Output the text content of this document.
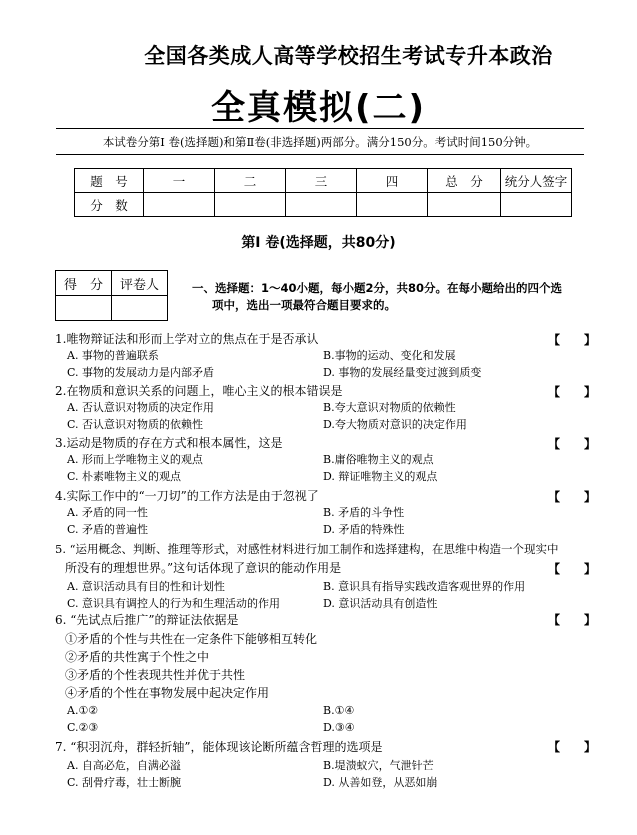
全国各类成人高等学校招生考试专升本政治
全真模拟(二)
本试卷分第Ⅰ 卷(选择题)和第Ⅱ卷(非选择题)两部分。满分150分。考试时间150分钟。
题　号	一	二	三	四	总　分	统分人签字
分　数						
第Ⅰ 卷(选择题，共80分)
得　分	评卷人
		一、选择题：1～40小题，每小题2分，共80分。在每小题给出的四个选
项中，选出一项最符合题目要求的。
1.唯物辩证法和形而上学对立的焦点在于是否承认	【　　】
A. 事物的普遍联系	B.事物的运动、变化和发展
C. 事物的发展动力是内部矛盾	D. 事物的发展经量变过渡到质变
2.在物质和意识关系的问题上，唯心主义的根本错误是	【　　】
A. 否认意识对物质的决定作用	B.夸大意识对物质的依赖性
C. 否认意识对物质的依赖性	D.夸大物质对意识的决定作用
3.运动是物质的存在方式和根本属性，这是	【　　】
A. 形而上学唯物主义的观点	B.庸俗唯物主义的观点
C. 朴素唯物主义的观点	D. 辩证唯物主义的观点
4.实际工作中的“一刀切”的工作方法是由于忽视了	【　　】
A. 矛盾的同一性	B. 矛盾的斗争性
C. 矛盾的普遍性	D. 矛盾的特殊性
5. “运用概念、判断、推理等形式，对感性材料进行加工制作和选择建构，在思维中构造一个现实中
所没有的理想世界。”这句话体现了意识的能动作用是	【　　】
A. 意识活动具有目的性和计划性	B. 意识具有指导实践改造客观世界的作用
C. 意识具有调控人的行为和生理活动的作用	D. 意识活动具有创造性
6. “先试点后推广”的辩证法依据是	【　　】
①矛盾的个性与共性在一定条件下能够相互转化
②矛盾的共性寓于个性之中
③矛盾的个性表现共性并优于共性
④矛盾的个性在事物发展中起决定作用
A.①②	B.①④
C.②③	D.③④
7. “积羽沉舟，群轻折轴”，能体现该论断所蕴含哲理的选项是	【　　】
A. 自高必危，自满必溢	B.堤溃蚁穴，气泄针芒
C. 刮骨疗毒，壮士断腕	D. 从善如登，从恶如崩
